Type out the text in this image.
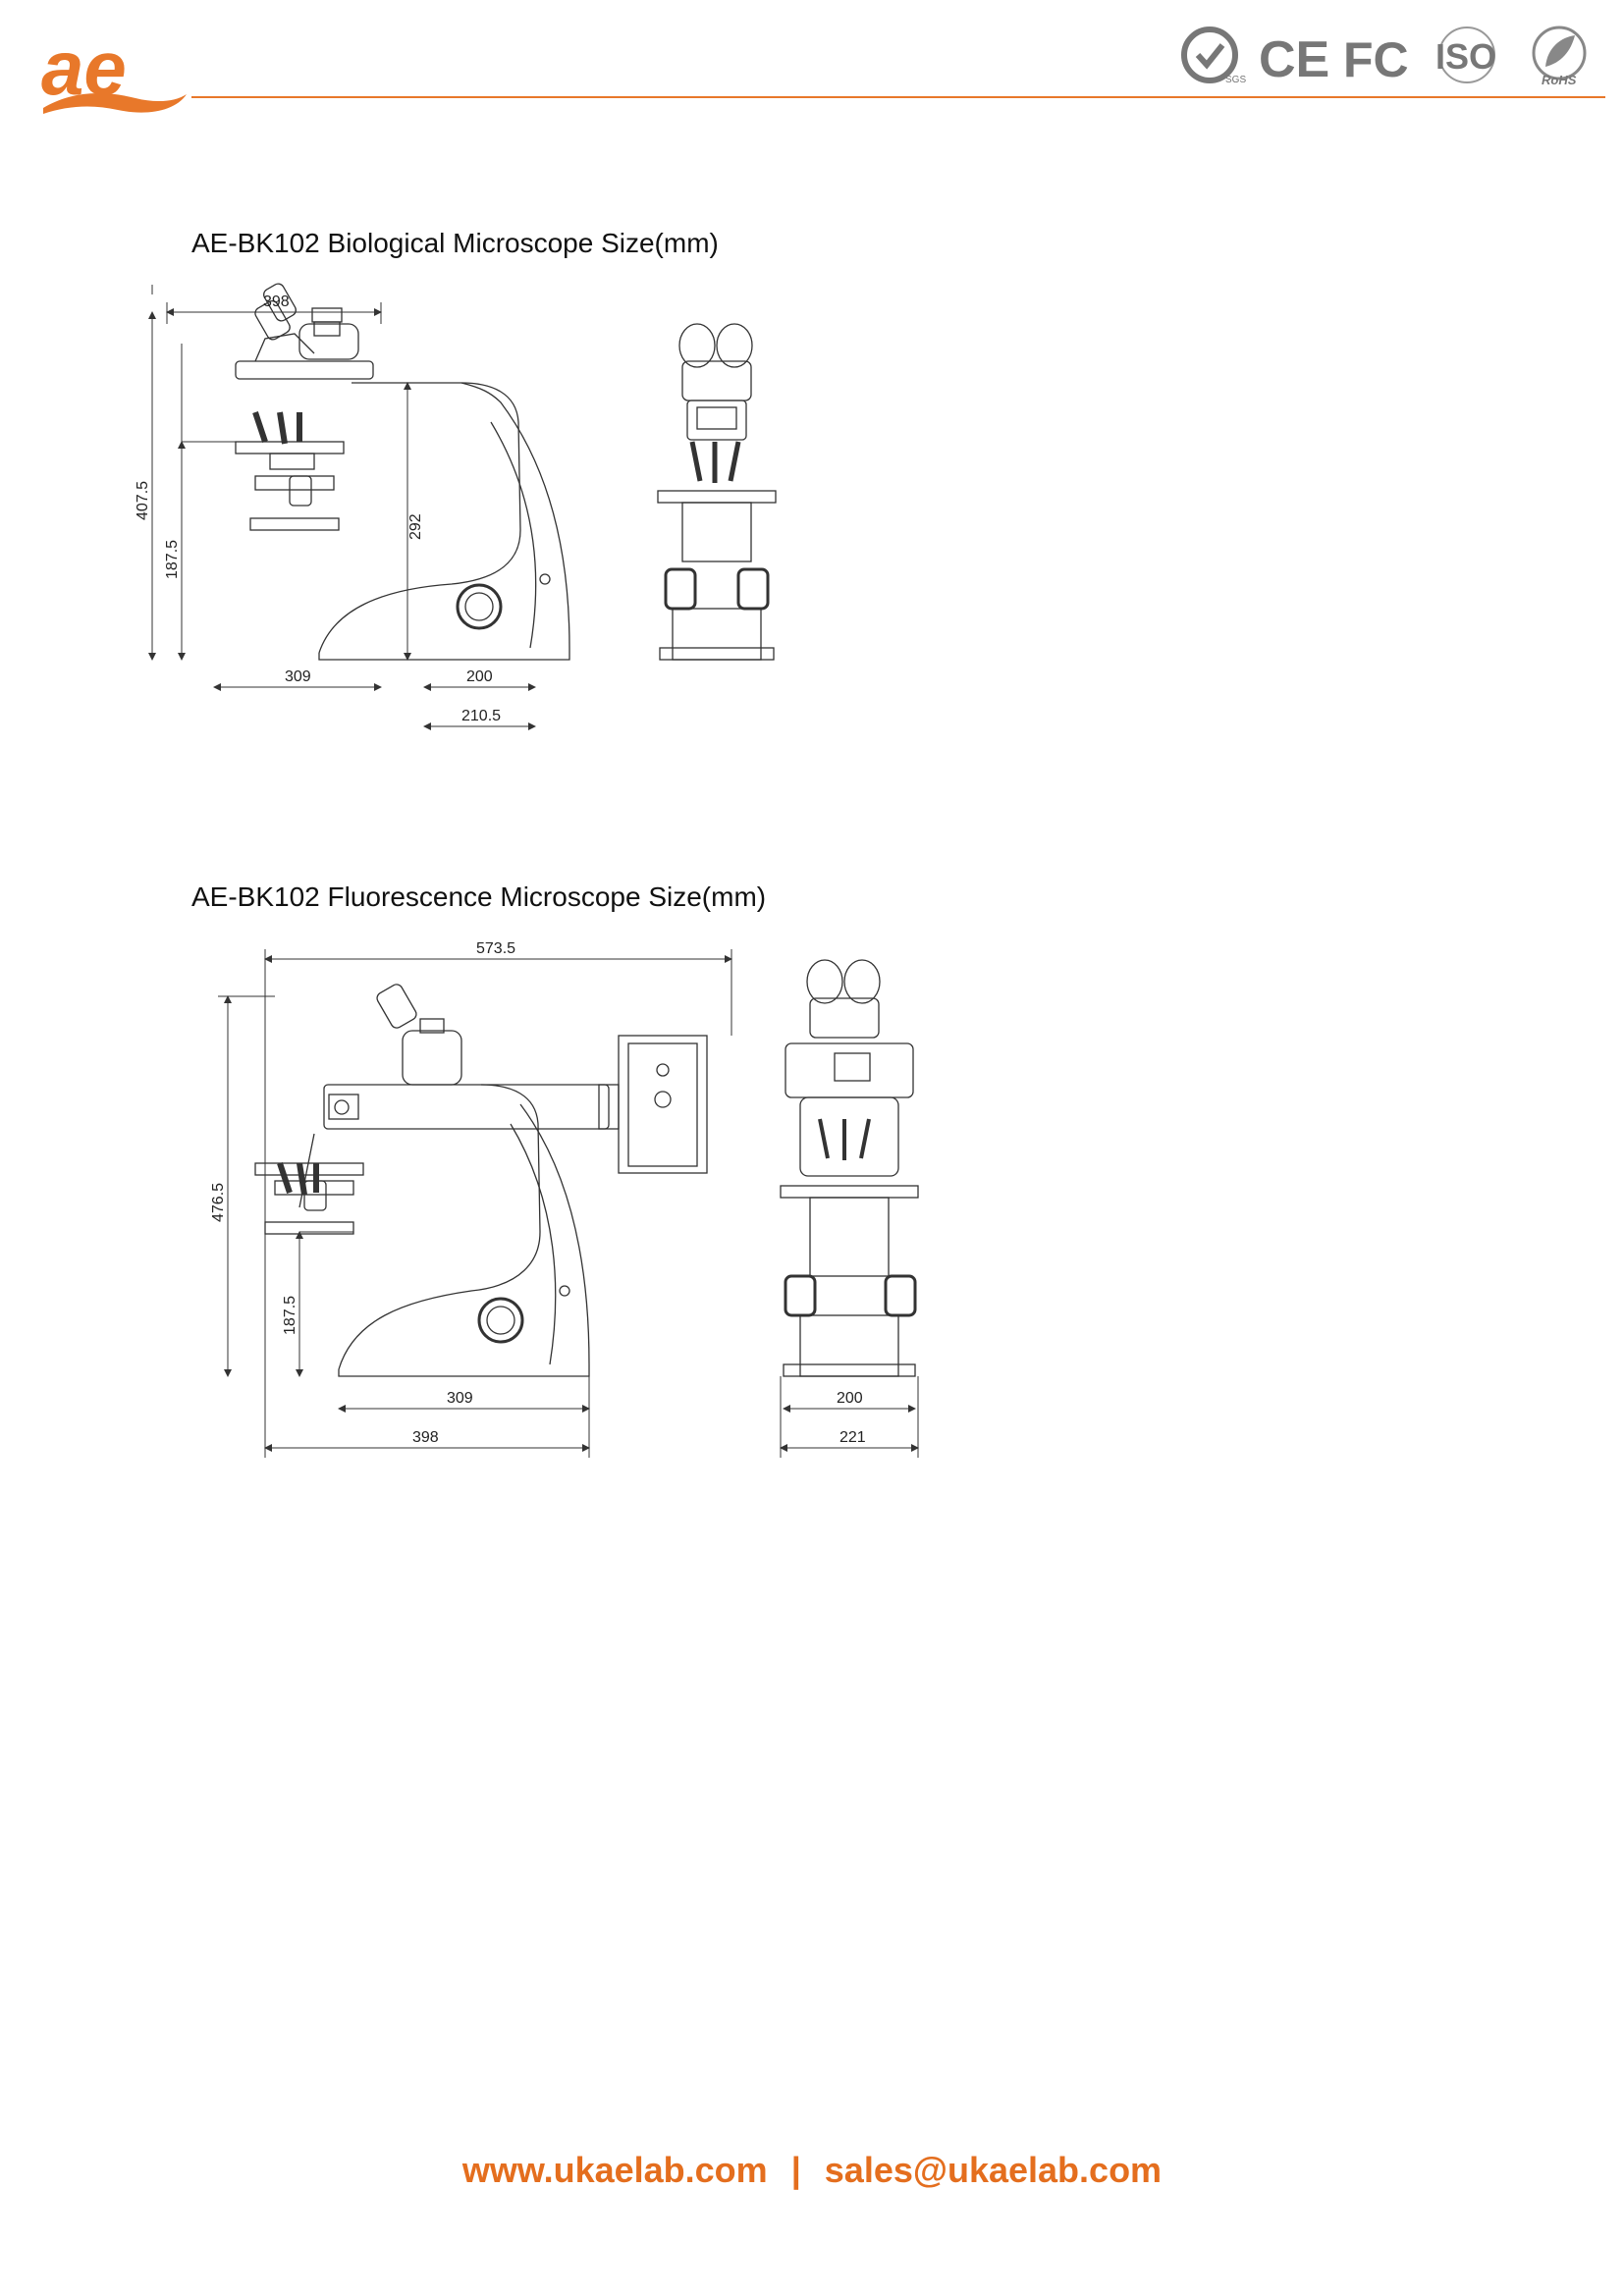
ae	SGS CE FC ISO
RoHS
AE-BK102 Biological Microscope Size(mm)
398
407.5
187.5
292
309	200
210.5
AE-BK102 Fluorescence Microscope Size(mm)
573.5
476.5
187.5
309
398
200
221
www.ukaelab.com | sales@ukaelab.com
